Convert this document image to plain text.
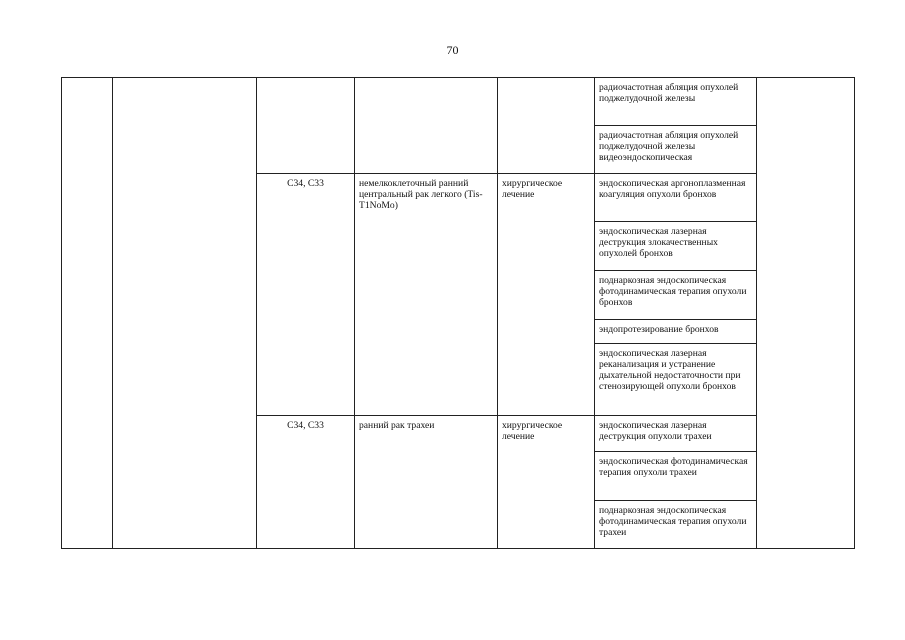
70
					радиочастотная абляция опухолей поджелудочной железы	
					радиочастотная абляция опухолей поджелудочной железы видеоэндоскопическая	
		C34, C33	немелкоклеточный ранний центральный рак легкого (Tis-T1NoMo)	хирургическое лечение	эндоскопическая аргоноплазменная коагуляция опухоли бронхов	
					эндоскопическая лазерная деструкция злокачественных опухолей бронхов	
					поднаркозная эндоскопическая фотодинамическая терапия опухоли бронхов	
					эндопротезирование бронхов	
					эндоскопическая лазерная реканализация и устранение дыхательной недостаточности при стенозирующей опухоли бронхов	
		C34, C33	ранний рак трахеи	хирургическое лечение	эндоскопическая лазерная деструкция опухоли трахеи	
					эндоскопическая фотодинамическая терапия опухоли трахеи	
					поднаркозная эндоскопическая фотодинамическая терапия опухоли трахеи	
